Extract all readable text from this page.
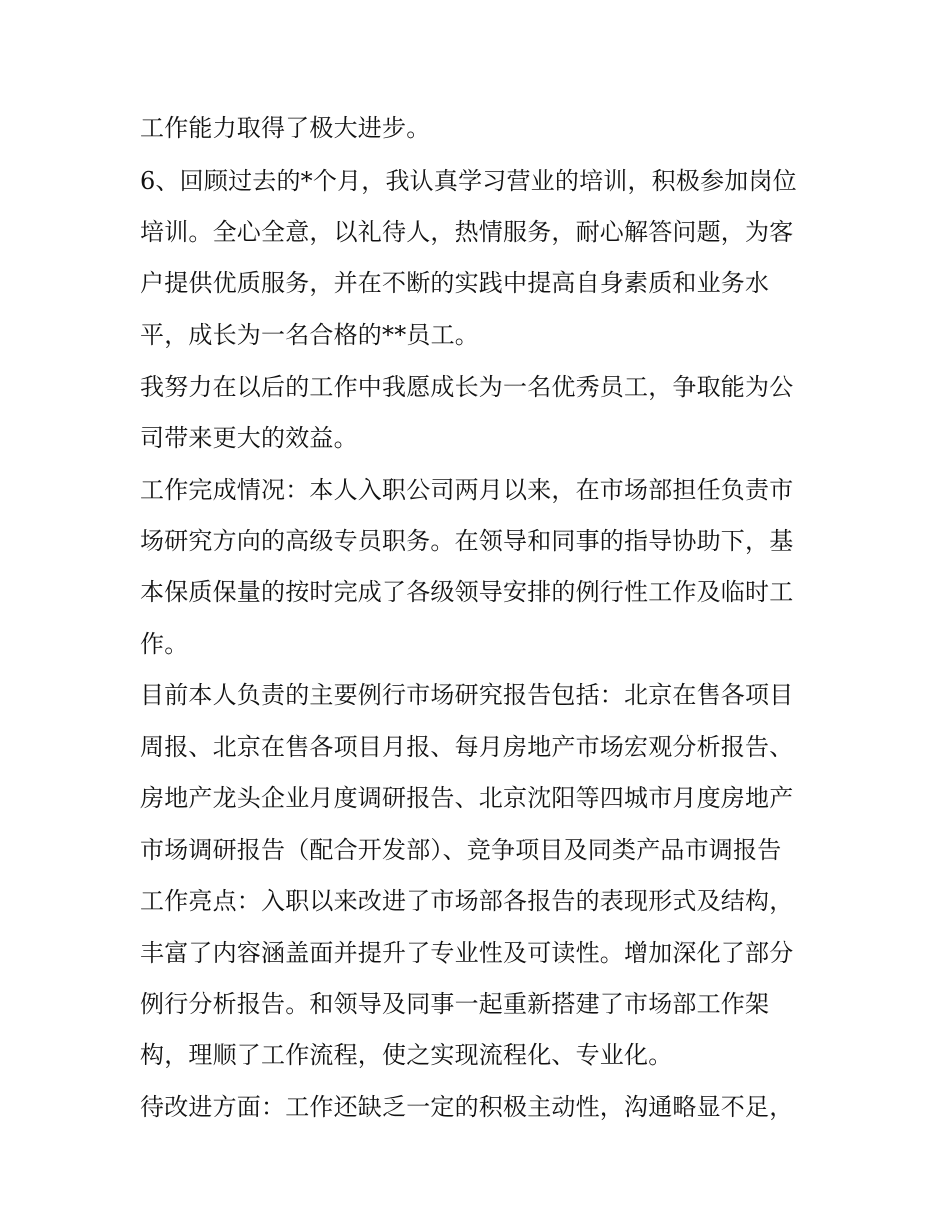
工作能力取得了极大进步。
6、回顾过去的*个月，我认真学习营业的培训，积极参加岗位
培训。全心全意，以礼待人，热情服务，耐心解答问题，为客
户提供优质服务，并在不断的实践中提高自身素质和业务水
平，成长为一名合格的**员工。
我努力在以后的工作中我愿成长为一名优秀员工，争取能为公
司带来更大的效益。
工作完成情况：本人入职公司两月以来，在市场部担任负责市
场研究方向的高级专员职务。在领导和同事的指导协助下，基
本保质保量的按时完成了各级领导安排的例行性工作及临时工
作。
目前本人负责的主要例行市场研究报告包括：北京在售各项目
周报、北京在售各项目月报、每月房地产市场宏观分析报告、
房地产龙头企业月度调研报告、北京沈阳等四城市月度房地产
市场调研报告（配合开发部）、竞争项目及同类产品市调报告
工作亮点：入职以来改进了市场部各报告的表现形式及结构，
丰富了内容涵盖面并提升了专业性及可读性。增加深化了部分
例行分析报告。和领导及同事一起重新搭建了市场部工作架
构，理顺了工作流程，使之实现流程化、专业化。
待改进方面：工作还缺乏一定的积极主动性，沟通略显不足，
